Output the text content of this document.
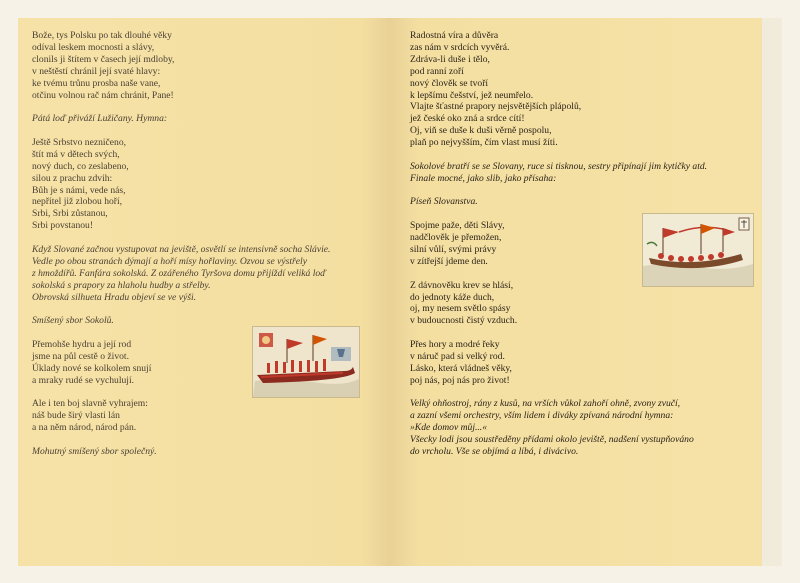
Bože, tys Polsku po tak dlouhé věky
odíval leskem mocnosti a slávy,
clonils ji štítem v časech její mdloby,
v neštěstí chránil její svaté hlavy:
ke tvému trůnu prosba naše vane,
otčinu volnou rač nám chránit, Pane!
Pátá loď přiváží Lužičany. Hymna:
Ještě Srbstvo nezničeno,
štít má v dětech svých,
nový duch, co zeslabeno,
silou z prachu zdvih:
Bůh je s námi, vede nás,
nepřítel již zlobou hoří,
Srbi, Srbi zůstanou,
Srbi povstanou!
Když Slované začnou vystupovat na jeviště, osvětlí se intensivně socha Slávie.
Vedle po obou stranách dýmají a hoří mísy hořlaviny. Ozvou se výstřely
z hmoždířů. Fanfára sokolská. Z ozářeného Tyršova domu přijíždí veliká loď
sokolská s prapory za hlaholu hudby a střelby.
Obrovská silhueta Hradu objeví se ve výši.
Smíšený sbor Sokolů.
Přemohše hydru a její rod
jsme na půl cestě o život.
Úklady nové se kolkolem snují
a mraky rudé se vychulují.
Ale i ten boj slavně vyhrajem:
náš bude širý vlasti lán
a na něm národ, národ pán.
Mohutný smíšený sbor společný.
Radostná víra a důvěra
zas nám v srdcích vyvěrá.
Zdráva-li duše i tělo,
pod ranní zoří
nový člověk se tvoří
k lepšímu češství, jež neumřelo.
Vlajte šťastné prapory nejsvětějších plápolů,
jež české oko zná a srdce cítí!
Oj, viň se duše k duši věrně pospolu,
plaň po nejvyšším, čím vlast musí žíti.
Sokolové bratří se se Slovany, ruce si tisknou, sestry připínají jim kytičky atd.
Finale mocné, jako slib, jako přísaha:
Píseň Slovanstva.
Spojme paže, děti Slávy,
nadčlověk je přemožen,
silní vůlí, svými právy
v zítřejší jdeme den.
Z dávnověku krev se hlásí,
do jednoty káže duch,
oj, my nesem světlo spásy
v budoucnosti čistý vzduch.
Přes hory a modré řeky
v náruč pad si velký rod.
Lásko, která vládneš věky,
poj nás, poj nás pro život!
Velký ohňostroj, rány z kusů, na vrších vůkol zahoří ohně, zvony zvučí,
a zazní všemi orchestry, vším lidem i diváky zpívaná národní hymna:
»Kde domov můj...«
Všecky lodi jsou soustředěny přídami okolo jeviště, nadšení vystupňováno
do vrcholu. Vše se objímá a líbá, i divácivo.
